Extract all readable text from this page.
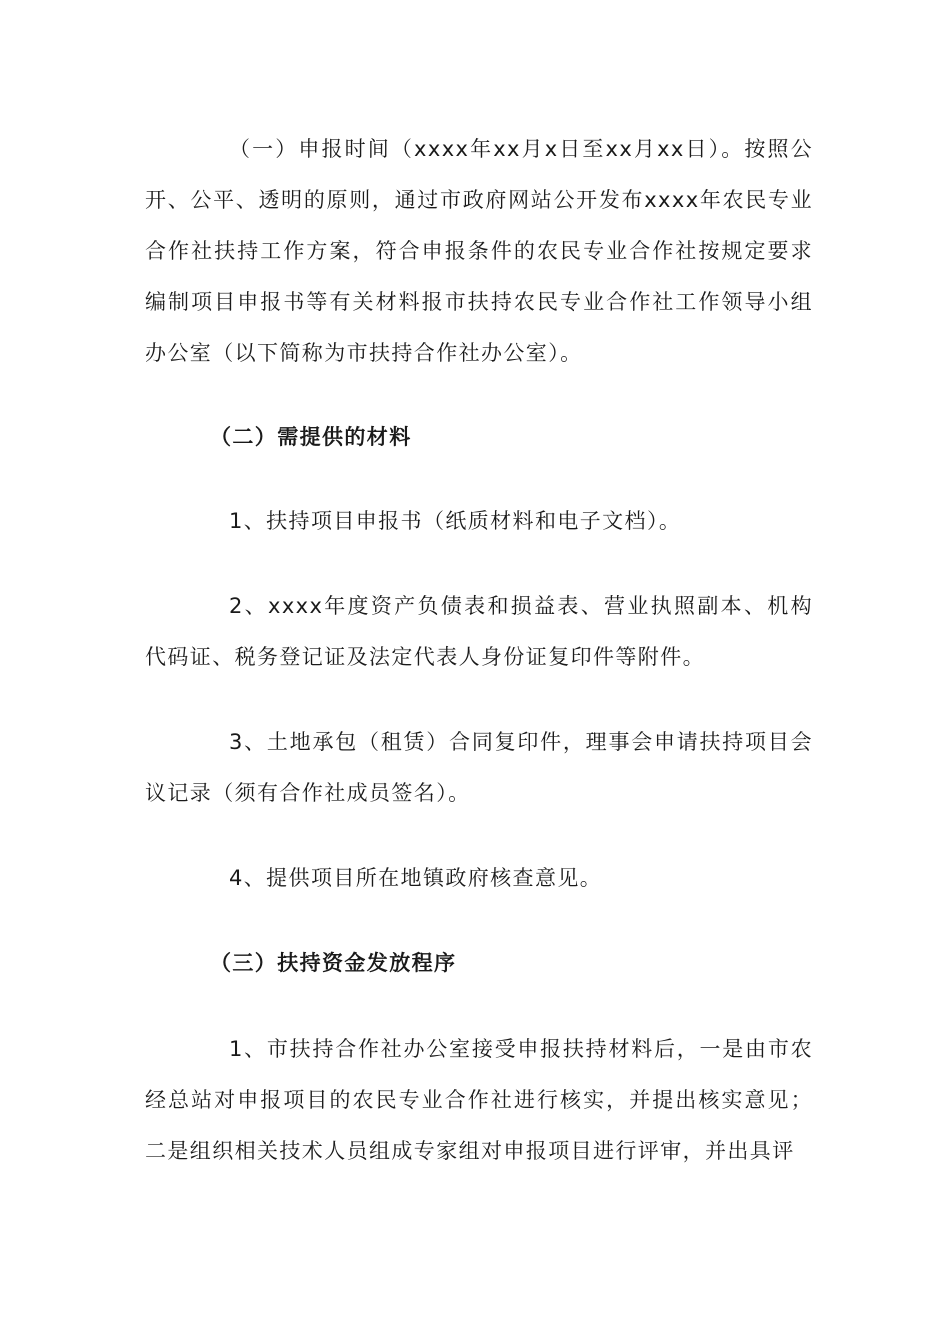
（一）申报时间（xxxx年xx月x日至xx月xx日）。按照公开、公平、透明的原则，通过市政府网站公开发布xxxx年农民专业合作社扶持工作方案，符合申报条件的农民专业合作社按规定要求编制项目申报书等有关材料报市扶持农民专业合作社工作领导小组办公室（以下简称为市扶持合作社办公室）。

（二）需提供的材料

1、扶持项目申报书（纸质材料和电子文档）。

2、xxxx年度资产负债表和损益表、营业执照副本、机构代码证、税务登记证及法定代表人身份证复印件等附件。

3、土地承包（租赁）合同复印件，理事会申请扶持项目会议记录（须有合作社成员签名）。

4、提供项目所在地镇政府核查意见。

（三）扶持资金发放程序

1、市扶持合作社办公室接受申报扶持材料后，一是由市农经总站对申报项目的农民专业合作社进行核实，并提出核实意见；二是组织相关技术人员组成专家组对申报项目进行评审，并出具评
